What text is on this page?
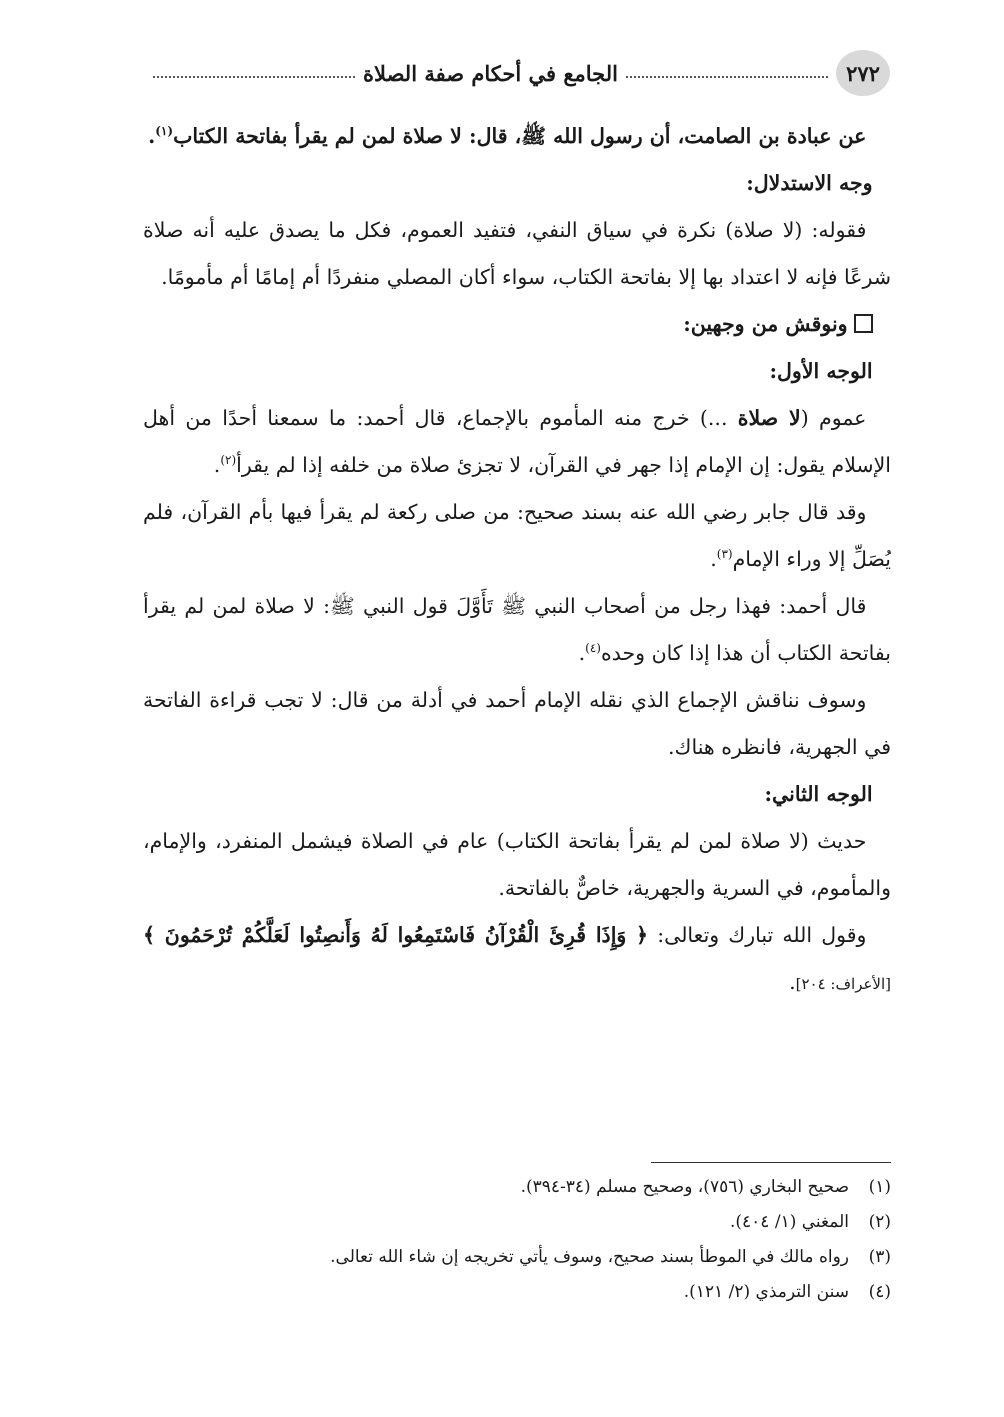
٢٧٢
الجامع في أحكام صفة الصلاة

عن عبادة بن الصامت، أن رسول الله ﷺ، قال: لا صلاة لمن لم يقرأ بفاتحة الكتاب$^{(١)}$.

وجه الاستدلال:

فقوله: (لا صلاة) نكرة في سياق النفي، فتفيد العموم، فكل ما يصدق عليه أنه صلاة شرعًا فإنه لا اعتداد بها إلا بفاتحة الكتاب، سواء أكان المصلي منفردًا أم إمامًا أم مأمومًا.

ونوقش من وجهين:

الوجه الأول:

عموم (لا صلاة ...) خرج منه المأموم بالإجماع، قال أحمد: ما سمعنا أحدًا من أهل الإسلام يقول: إن الإمام إذا جهر في القرآن، لا تجزئ صلاة من خلفه إذا لم يقرأ$^{(٢)}$.

وقد قال جابر رضي الله عنه بسند صحيح: من صلى ركعة لم يقرأ فيها بأم القرآن، فلم يُصَلِّ إلا وراء الإمام$^{(٣)}$.

قال أحمد: فهذا رجل من أصحاب النبي ﷺ تَأَوَّلَ قول النبي ﷺ: لا صلاة لمن لم يقرأ بفاتحة الكتاب أن هذا إذا كان وحده$^{(٤)}$.

وسوف نناقش الإجماع الذي نقله الإمام أحمد في أدلة من قال: لا تجب قراءة الفاتحة في الجهرية، فانظره هناك.

الوجه الثاني:

حديث (لا صلاة لمن لم يقرأ بفاتحة الكتاب) عام في الصلاة فيشمل المنفرد، والإمام، والمأموم، في السرية والجهرية، خاصٌّ بالفاتحة.

وقول الله تبارك وتعالى: ﴿ وَإِذَا قُرِئَ الْقُرْآنُ فَاسْتَمِعُوا لَهُ وَأَنصِتُوا لَعَلَّكُمْ تُرْحَمُونَ ﴾ [الأعراف: ٢٠٤].

(١)صحيح البخاري (٧٥٦)، وصحيح مسلم (٣٤-٣٩٤).

(٢)المغني (١/ ٤٠٤).

(٣)رواه مالك في الموطأ بسند صحيح، وسوف يأتي تخريجه إن شاء الله تعالى.

(٤)سنن الترمذي (٢/ ١٢١).
